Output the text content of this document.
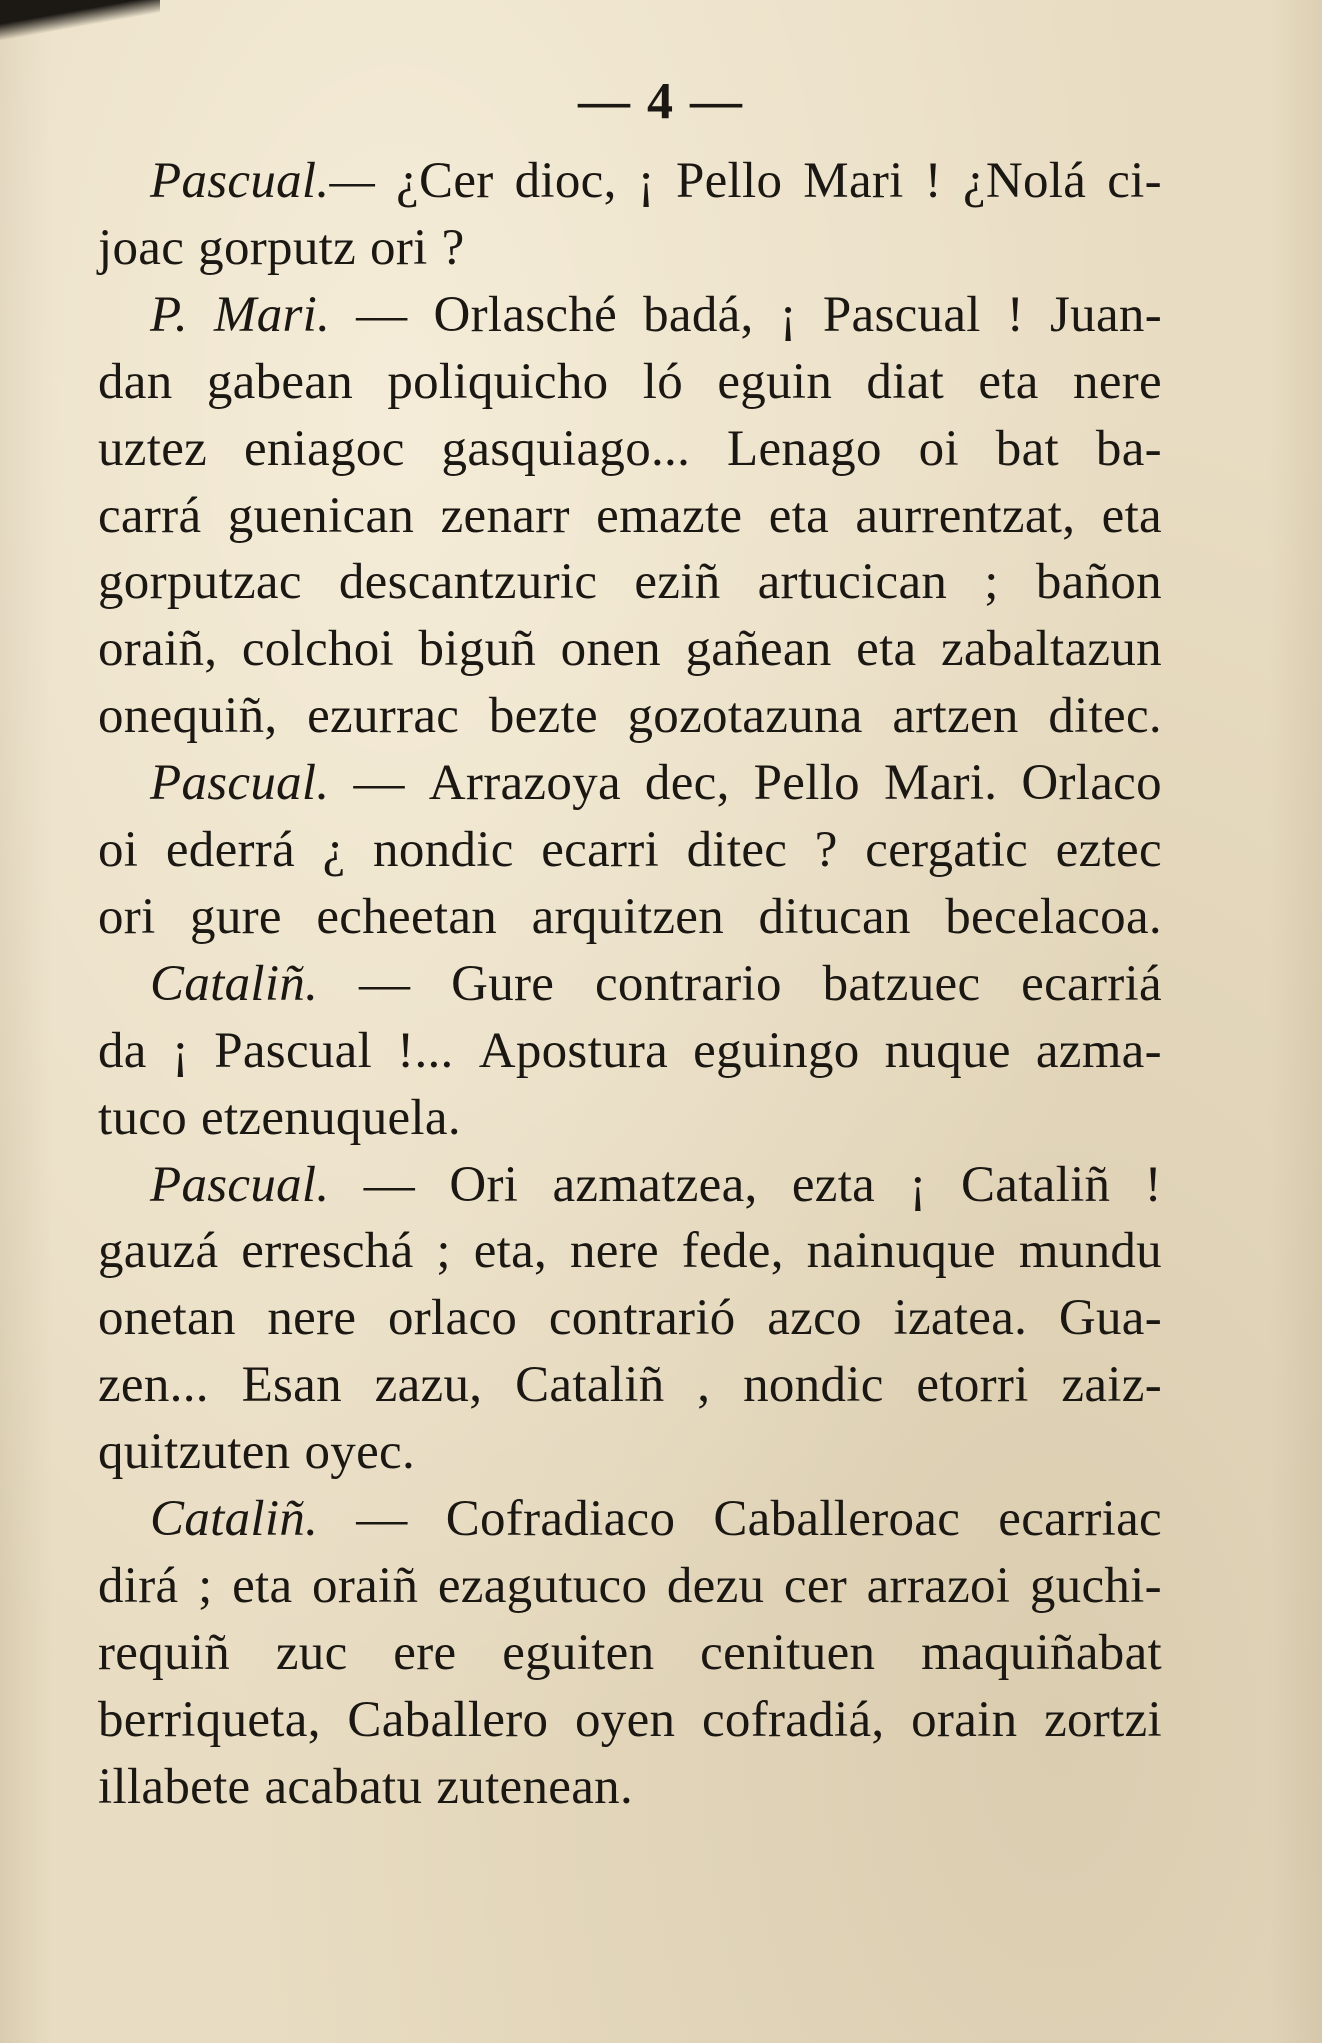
— 4 —
Pascual.— ¿Cer dioc, ¡ Pello Mari ! ¿Nolá ci-
joac gorputz ori ?
P. Mari. — Orlasché badá, ¡ Pascual ! Juan-
dan gabean poliquicho ló eguin diat eta nere
uztez eniagoc gasquiago... Lenago oi bat ba-
carrá guenican zenarr emazte eta aurrentzat, eta
gorputzac descantzuric eziñ artucican ; bañon
oraiñ, colchoi biguñ onen gañean eta zabaltazun
onequiñ, ezurrac bezte gozotazuna artzen ditec.
Pascual. — Arrazoya dec, Pello Mari. Orlaco
oi ederrá ¿ nondic ecarri ditec ? cergatic eztec
ori gure echeetan arquitzen ditucan becelacoa.
Cataliñ. — Gure contrario batzuec ecarriá
da ¡ Pascual !... Apostura eguingo nuque azma-
tuco etzenuquela.
Pascual. — Ori azmatzea, ezta ¡ Cataliñ !
gauzá erreschá ; eta, nere fede, nainuque mundu
onetan nere orlaco contrarió azco izatea. Gua-
zen... Esan zazu, Cataliñ , nondic etorri zaiz-
quitzuten oyec.
Cataliñ. — Cofradiaco Caballeroac ecarriac
dirá ; eta oraiñ ezagutuco dezu cer arrazoi guchi-
requiñ zuc ere eguiten cenituen maquiñabat
berriqueta, Caballero oyen cofradiá, orain zortzi
illabete acabatu zutenean.
